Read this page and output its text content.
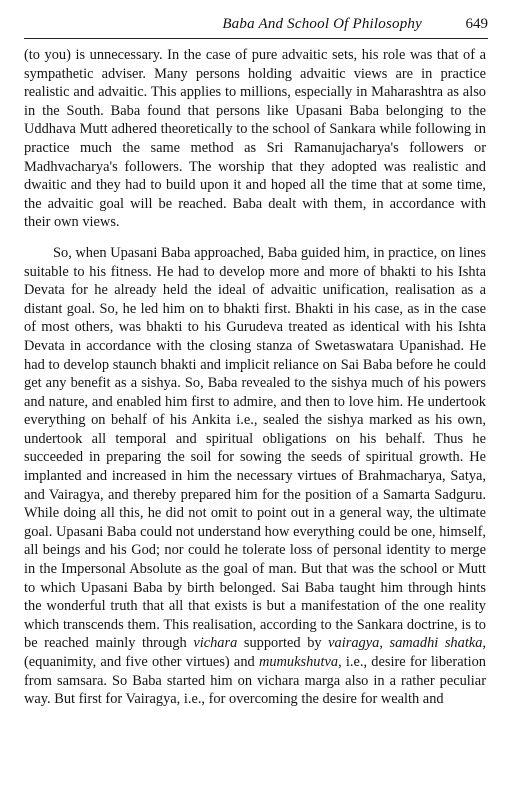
Baba And School Of Philosophy	649

(to you) is unnecessary. In the case of pure advaitic sets, his role was that of a sympathetic adviser. Many persons holding advaitic views are in practice realistic and advaitic. This applies to millions, especially in Maharashtra as also in the South. Baba found that persons like Upasani Baba belonging to the Uddhava Mutt adhered theoretically to the school of Sankara while following in practice much the same method as Sri Ramanujacharya's followers or Madhvacharya's followers. The worship that they adopted was realistic and dwaitic and they had to build upon it and hoped all the time that at some time, the advaitic goal will be reached. Baba dealt with them, in accordance with their own views.

So, when Upasani Baba approached, Baba guided him, in practice, on lines suitable to his fitness. He had to develop more and more of bhakti to his Ishta Devata for he already held the ideal of advaitic unification, realisation as a distant goal. So, he led him on to bhakti first. Bhakti in his case, as in the case of most others, was bhakti to his Gurudeva treated as identical with his Ishta Devata in accordance with the closing stanza of Swetaswatara Upanishad. He had to develop staunch bhakti and implicit reliance on Sai Baba before he could get any benefit as a sishya. So, Baba revealed to the sishya much of his powers and nature, and enabled him first to admire, and then to love him. He undertook everything on behalf of his Ankita i.e., sealed the sishya marked as his own, undertook all temporal and spiritual obligations on his behalf. Thus he succeeded in preparing the soil for sowing the seeds of spiritual growth. He implanted and increased in him the necessary virtues of Brahmacharya, Satya, and Vairagya, and thereby prepared him for the position of a Samarta Sadguru. While doing all this, he did not omit to point out in a general way, the ultimate goal. Upasani Baba could not understand how everything could be one, himself, all beings and his God; nor could he tolerate loss of personal identity to merge in the Impersonal Absolute as the goal of man. But that was the school or Mutt to which Upasani Baba by birth belonged. Sai Baba taught him through hints the wonderful truth that all that exists is but a manifestation of the one reality which transcends them. This realisation, according to the Sankara doctrine, is to be reached mainly through vichara supported by vairagya, samadhi shatka, (equanimity, and five other virtues) and mumukshutva, i.e., desire for liberation from samsara. So Baba started him on vichara marga also in a rather peculiar way. But first for Vairagya, i.e., for overcoming the desire for wealth and
